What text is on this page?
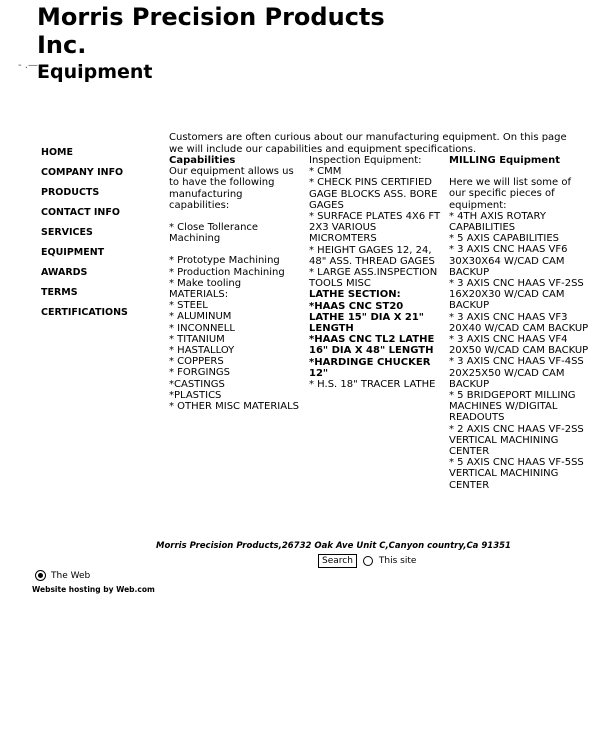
Morris Precision Products
Inc.
- .— Equipment
HOME
COMPANY INFO
PRODUCTS
CONTACT INFO
SERVICES
EQUIPMENT
AWARDS
TERMS
CERTIFICATIONS
Customers are often curious about our manufacturing equipment. On this page we will include our capabilities and equipment specifications.
Capabilities
Our equipment allows us to have the following manufacturing capabilities:
* Close Tollerance Machining
* Prototype Machining
* Production Machining
* Make tooling
MATERIALS:
* STEEL
* ALUMINUM
* INCONNELL
* TITANIUM
* HASTALLOY
* COPPERS
* FORGINGS
*CASTINGS
*PLASTICS
* OTHER MISC MATERIALS
Inspection Equipment:
* CMM
* CHECK PINS CERTIFIED GAGE BLOCKS ASS. BORE GAGES
* SURFACE PLATES 4X6 FT 2X3 VARIOUS MICROMTERS
* HEIGHT GAGES 12, 24, 48" ASS. THREAD GAGES
* LARGE ASS.INSPECTION TOOLS MISC
LATHE SECTION:
*HAAS CNC ST20 LATHE 15" DIA X 21" LENGTH
*HAAS CNC TL2 LATHE 16" DIA X 48" LENGTH
*HARDINGE CHUCKER 12"
* H.S. 18" TRACER LATHE
MILLING Equipment
Here we will list some of our specific pieces of equipment:
* 4TH AXIS ROTARY CAPABILITIES
* 5 AXIS CAPABILITIES
* 3 AXIS CNC HAAS VF6 30X30X64 W/CAD CAM BACKUP
* 3 AXIS CNC HAAS VF-2SS 16X20X30 W/CAD CAM BACKUP
* 3 AXIS CNC HAAS VF3 20X40 W/CAD CAM BACKUP
* 3 AXIS CNC HAAS VF4 20X50 W/CAD CAM BACKUP
* 3 AXIS CNC HAAS VF-4SS 20X25X50 W/CAD CAM BACKUP
* 5 BRIDGEPORT MILLING MACHINES W/DIGITAL READOUTS
* 2 AXIS CNC HAAS VF-2SS VERTICAL MACHINING CENTER
* 5 AXIS CNC HAAS VF-5SS VERTICAL MACHINING CENTER
Morris Precision Products,26732 Oak Ave Unit C,Canyon country,Ca 91351
Search	This site
The Web
Website hosting by Web.com
